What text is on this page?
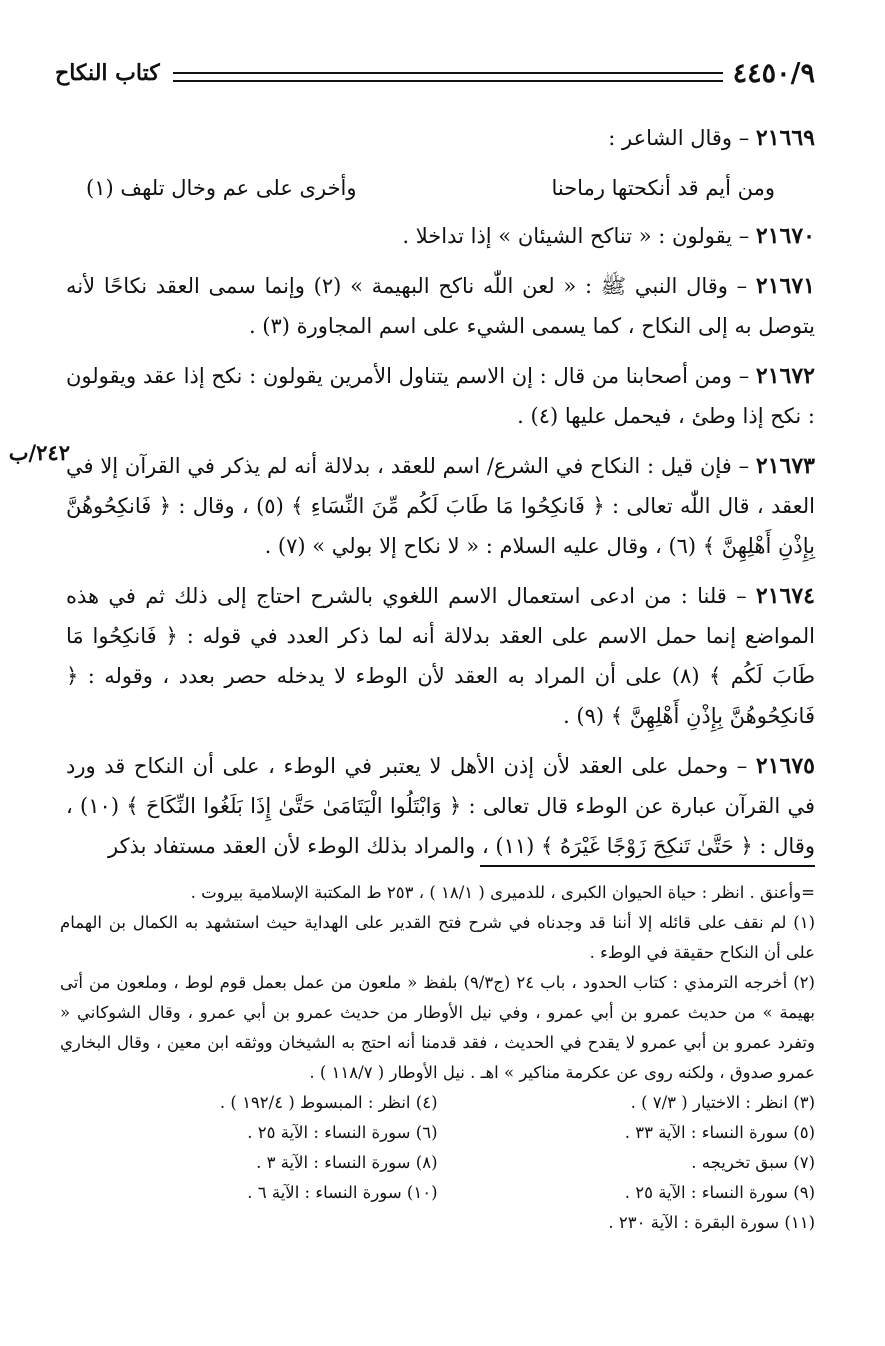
٤٤٥٠/٩
كتاب النكاح
٢٤٢/ب

٢١٦٦٩ – وقال الشاعر :

ومن أيم قد أنكحتها رماحنا
وأخرى على عم وخال تلهف (١)

٢١٦٧٠ – يقولون : « تناكح الشيئان » إذا تداخلا .

٢١٦٧١ – وقال النبي ﷺ : « لعن اللّٰه ناكح البهيمة » (٢) وإنما سمى العقد نكاحًا لأنه يتوصل به إلى النكاح ، كما يسمى الشيء على اسم المجاورة (٣) .

٢١٦٧٢ – ومن أصحابنا من قال : إن الاسم يتناول الأمرين يقولون : نكح إذا عقد ويقولون : نكح إذا وطئ ، فيحمل عليها (٤) .

٢١٦٧٣ – فإن قيل : النكاح في الشرع/ اسم للعقد ، بدلالة أنه لم يذكر في القرآن إلا في العقد ، قال اللّٰه تعالى : ﴿ فَانكِحُوا مَا طَابَ لَكُم مِّنَ النِّسَاءِ ﴾ (٥) ، وقال : ﴿ فَانكِحُوهُنَّ بِإِذْنِ أَهْلِهِنَّ ﴾ (٦) ، وقال عليه السلام : « لا نكاح إلا بولي » (٧) .

٢١٦٧٤ – قلنا : من ادعى استعمال الاسم اللغوي بالشرح احتاج إلى ذلك ثم في هذه المواضع إنما حمل الاسم على العقد بدلالة أنه لما ذكر العدد في قوله : ﴿ فَانكِحُوا مَا طَابَ لَكُم ﴾ (٨) على أن المراد به العقد لأن الوطء لا يدخله حصر بعدد ، وقوله : ﴿ فَانكِحُوهُنَّ بِإِذْنِ أَهْلِهِنَّ ﴾ (٩) .

٢١٦٧٥ – وحمل على العقد لأن إذن الأهل لا يعتبر في الوطء ، على أن النكاح قد ورد في القرآن عبارة عن الوطء قال تعالى : ﴿ وَابْتَلُوا الْيَتَامَىٰ حَتَّىٰ إِذَا بَلَغُوا النِّكَاحَ ﴾ (١٠) ، وقال : ﴿ حَتَّىٰ تَنكِحَ زَوْجًا غَيْرَهُ ﴾ (١١) ، والمراد بذلك الوطء لأن العقد مستفاد بذكر

=وأعنق . انظر : حياة الحيوان الكبرى ، للدميرى ( ١٨/١ ) ، ٢٥٣ ط المكتبة الإسلامية بيروت .

(١) لم نقف على قائله إلا أننا قد وجدناه في شرح فتح القدير على الهداية حيث استشهد به الكمال بن الهمام على أن النكاح حقيقة في الوطء .

(٢) أخرجه الترمذي : كتاب الحدود ، باب ٢٤ (ج٩/٣) بلفظ « ملعون من عمل بعمل قوم لوط ، وملعون من أتى بهيمة » من حديث عمرو بن أبي عمرو ، وفي نيل الأوطار من حديث عمرو بن أبي عمرو ، وقال الشوكاني « وتفرد عمرو بن أبي عمرو لا يقدح في الحديث ، فقد قدمنا أنه احتج به الشيخان ووثقه ابن معين ، وقال البخاري عمرو صدوق ، ولكنه روى عن عكرمة مناكير » اهـ . نيل الأوطار ( ١١٨/٧ ) .

(٣) انظر : الاختيار ( ٧/٣ ) .
(٤) انظر : المبسوط ( ١٩٢/٤ ) .
(٥) سورة النساء : الآية ٣٣ .
(٦) سورة النساء : الآية ٢٥ .
(٧) سبق تخريجه .
(٨) سورة النساء : الآية ٣ .
(٩) سورة النساء : الآية ٢٥ .
(١٠) سورة النساء : الآية ٦ .

(١١) سورة البقرة : الآية ٢٣٠ .
